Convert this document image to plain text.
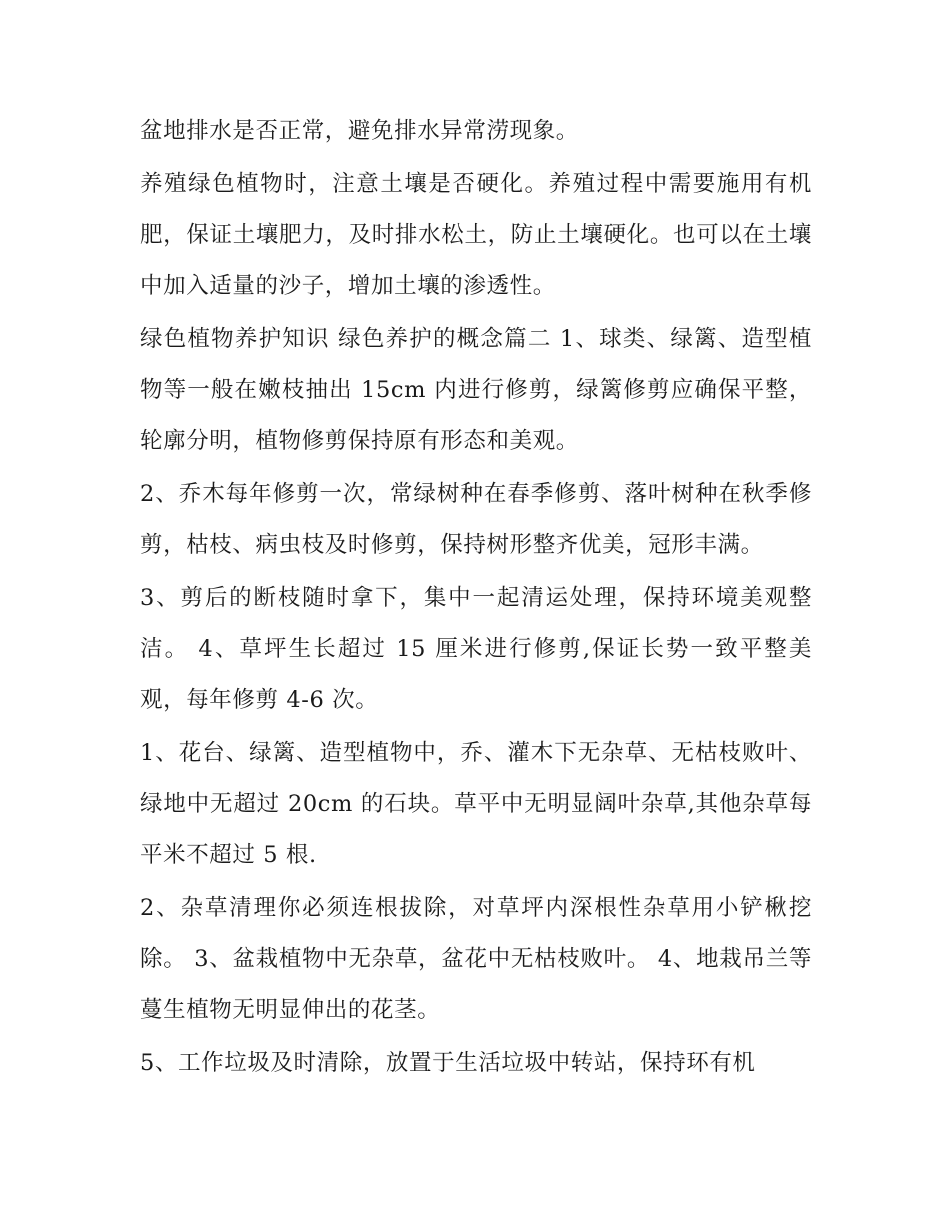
盆地排水是否正常，避免排水异常涝现象。

养殖绿色植物时，注意土壤是否硬化。养殖过程中需要施用有机肥，保证土壤肥力，及时排水松土，防止土壤硬化。也可以在土壤中加入适量的沙子，增加土壤的渗透性。

绿色植物养护知识 绿色养护的概念篇二 1、球类、绿篱、造型植物等一般在嫩枝抽出 15cm 内进行修剪，绿篱修剪应确保平整，轮廓分明，植物修剪保持原有形态和美观。

2、乔木每年修剪一次，常绿树种在春季修剪、落叶树种在秋季修剪，枯枝、病虫枝及时修剪，保持树形整齐优美，冠形丰满。

3、剪后的断枝随时拿下，集中一起清运处理，保持环境美观整洁。 4、草坪生长超过 15 厘米进行修剪,保证长势一致平整美观，每年修剪 4-6 次。

1、花台、绿篱、造型植物中，乔、灌木下无杂草、无枯枝败叶、绿地中无超过 20cm 的石块。草平中无明显阔叶杂草,其他杂草每平米不超过 5 根.

2、杂草清理你必须连根拔除，对草坪内深根性杂草用小铲楸挖除。 3、盆栽植物中无杂草，盆花中无枯枝败叶。 4、地栽吊兰等蔓生植物无明显伸出的花茎。

5、工作垃圾及时清除，放置于生活垃圾中转站，保持环有机
